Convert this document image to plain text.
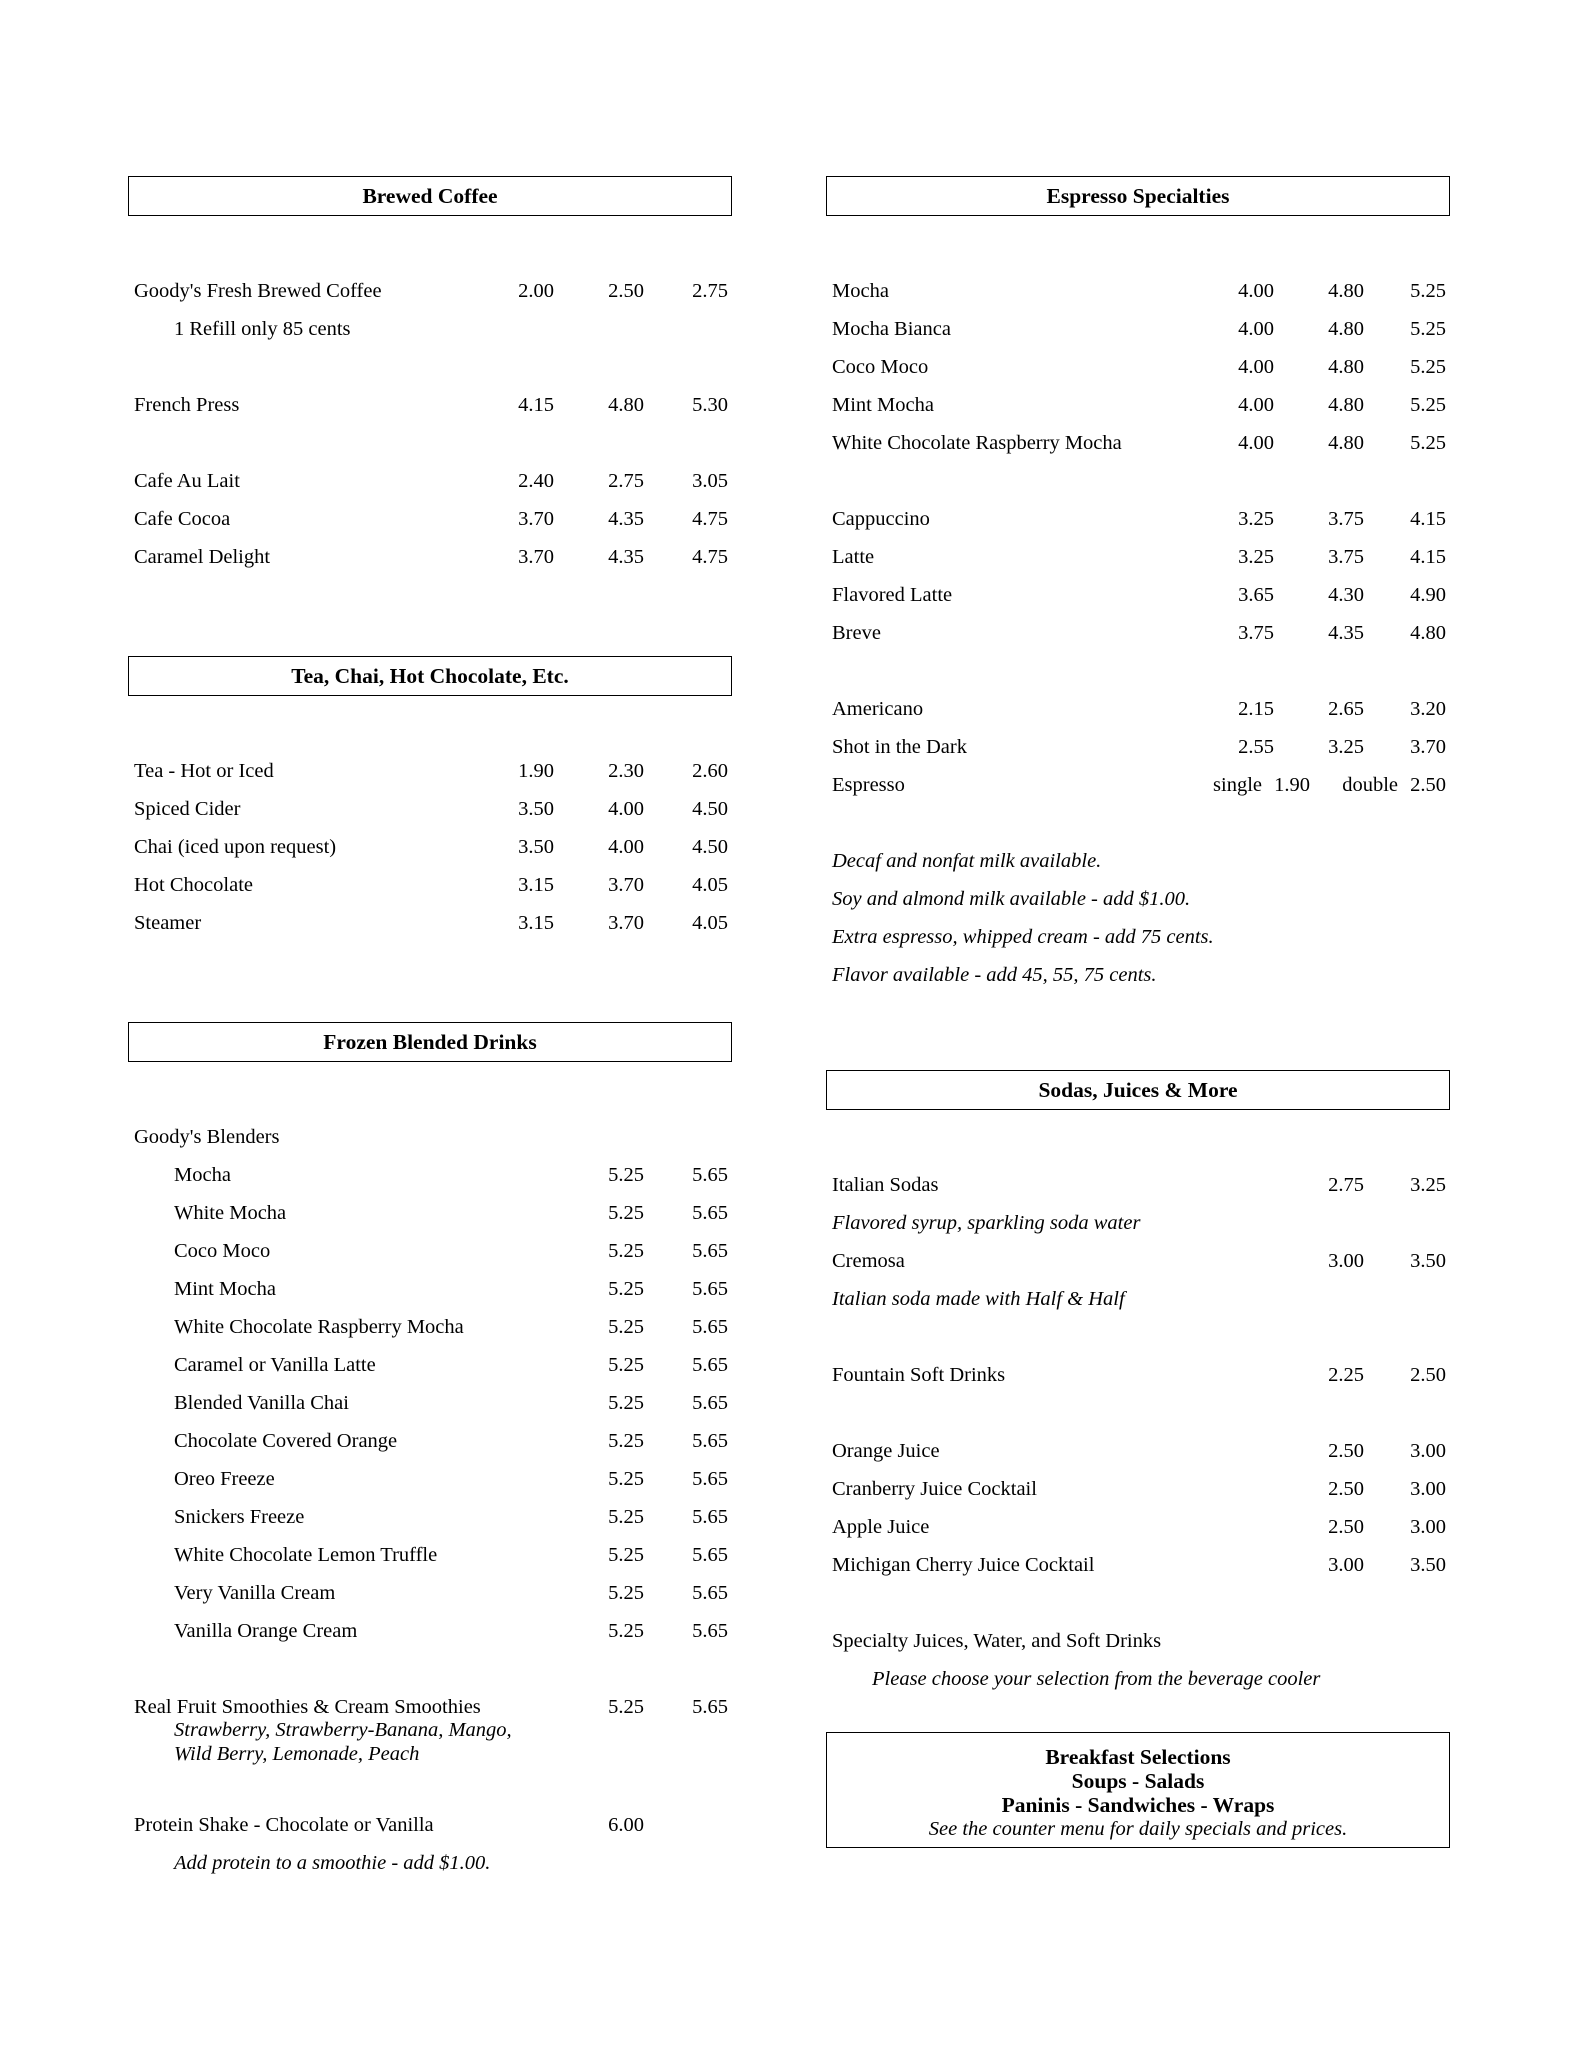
Brewed Coffee
Goody's Fresh Brewed Coffee	2.00	2.50 2.75
1 Refill only 85 cents
French Press	4.15	4.80 5.30
Cafe Au Lait	2.40	2.75 3.05
Cafe Cocoa	3.70	4.35 4.75
Caramel Delight	3.70	4.35 4.75
Tea, Chai, Hot Chocolate, Etc.
Tea - Hot or Iced	1.90	2.30 2.60
Spiced Cider	3.50	4.00 4.50
Chai (iced upon request)	3.50	4.00 4.50
Hot Chocolate	3.15	3.70 4.05
Steamer	3.15	3.70 4.05
Frozen Blended Drinks
Goody's Blenders
Mocha	5.25 5.65
White Mocha	5.25 5.65
Coco Moco	5.25 5.65
Mint Mocha	5.25 5.65
White Chocolate Raspberry Mocha	5.25 5.65
Caramel or Vanilla Latte	5.25 5.65
Blended Vanilla Chai	5.25 5.65
Chocolate Covered Orange	5.25 5.65
Oreo Freeze	5.25 5.65
Snickers Freeze	5.25 5.65
White Chocolate Lemon Truffle	5.25 5.65
Very Vanilla Cream	5.25 5.65
Vanilla Orange Cream	5.25 5.65
Real Fruit Smoothies & Cream Smoothies	5.25 5.65
Strawberry, Strawberry-Banana, Mango,
Wild Berry, Lemonade, Peach
Protein Shake - Chocolate or Vanilla	6.00
Add protein to a smoothie - add $1.00.
Espresso Specialties
Mocha	4.00	4.80 5.25
Mocha Bianca	4.00	4.80 5.25
Coco Moco	4.00	4.80 5.25
Mint Mocha	4.00	4.80 5.25
White Chocolate Raspberry Mocha	4.00	4.80 5.25
Cappuccino	3.25	3.75 4.15
Latte	3.25	3.75 4.15
Flavored Latte	3.65	4.30 4.90
Breve	3.75	4.35 4.80
Americano	2.15	2.65 3.20
Shot in the Dark	2.55	3.25 3.70
Espresso	single 1.90 double 2.50
Decaf and nonfat milk available.
Soy and almond milk available - add $1.00.
Extra espresso, whipped cream - add 75 cents.
Flavor available - add 45, 55, 75 cents.
Sodas, Juices & More
Italian Sodas	2.75 3.25
Flavored syrup, sparkling soda water
Cremosa	3.00 3.50
Italian soda made with Half & Half
Fountain Soft Drinks	2.25 2.50
Orange Juice	2.50 3.00
Cranberry Juice Cocktail	2.50 3.00
Apple Juice	2.50 3.00
Michigan Cherry Juice Cocktail	3.00 3.50
Specialty Juices, Water, and Soft Drinks
Please choose your selection from the beverage cooler
Breakfast Selections
Soups - Salads
Paninis - Sandwiches - Wraps
See the counter menu for daily specials and prices.
